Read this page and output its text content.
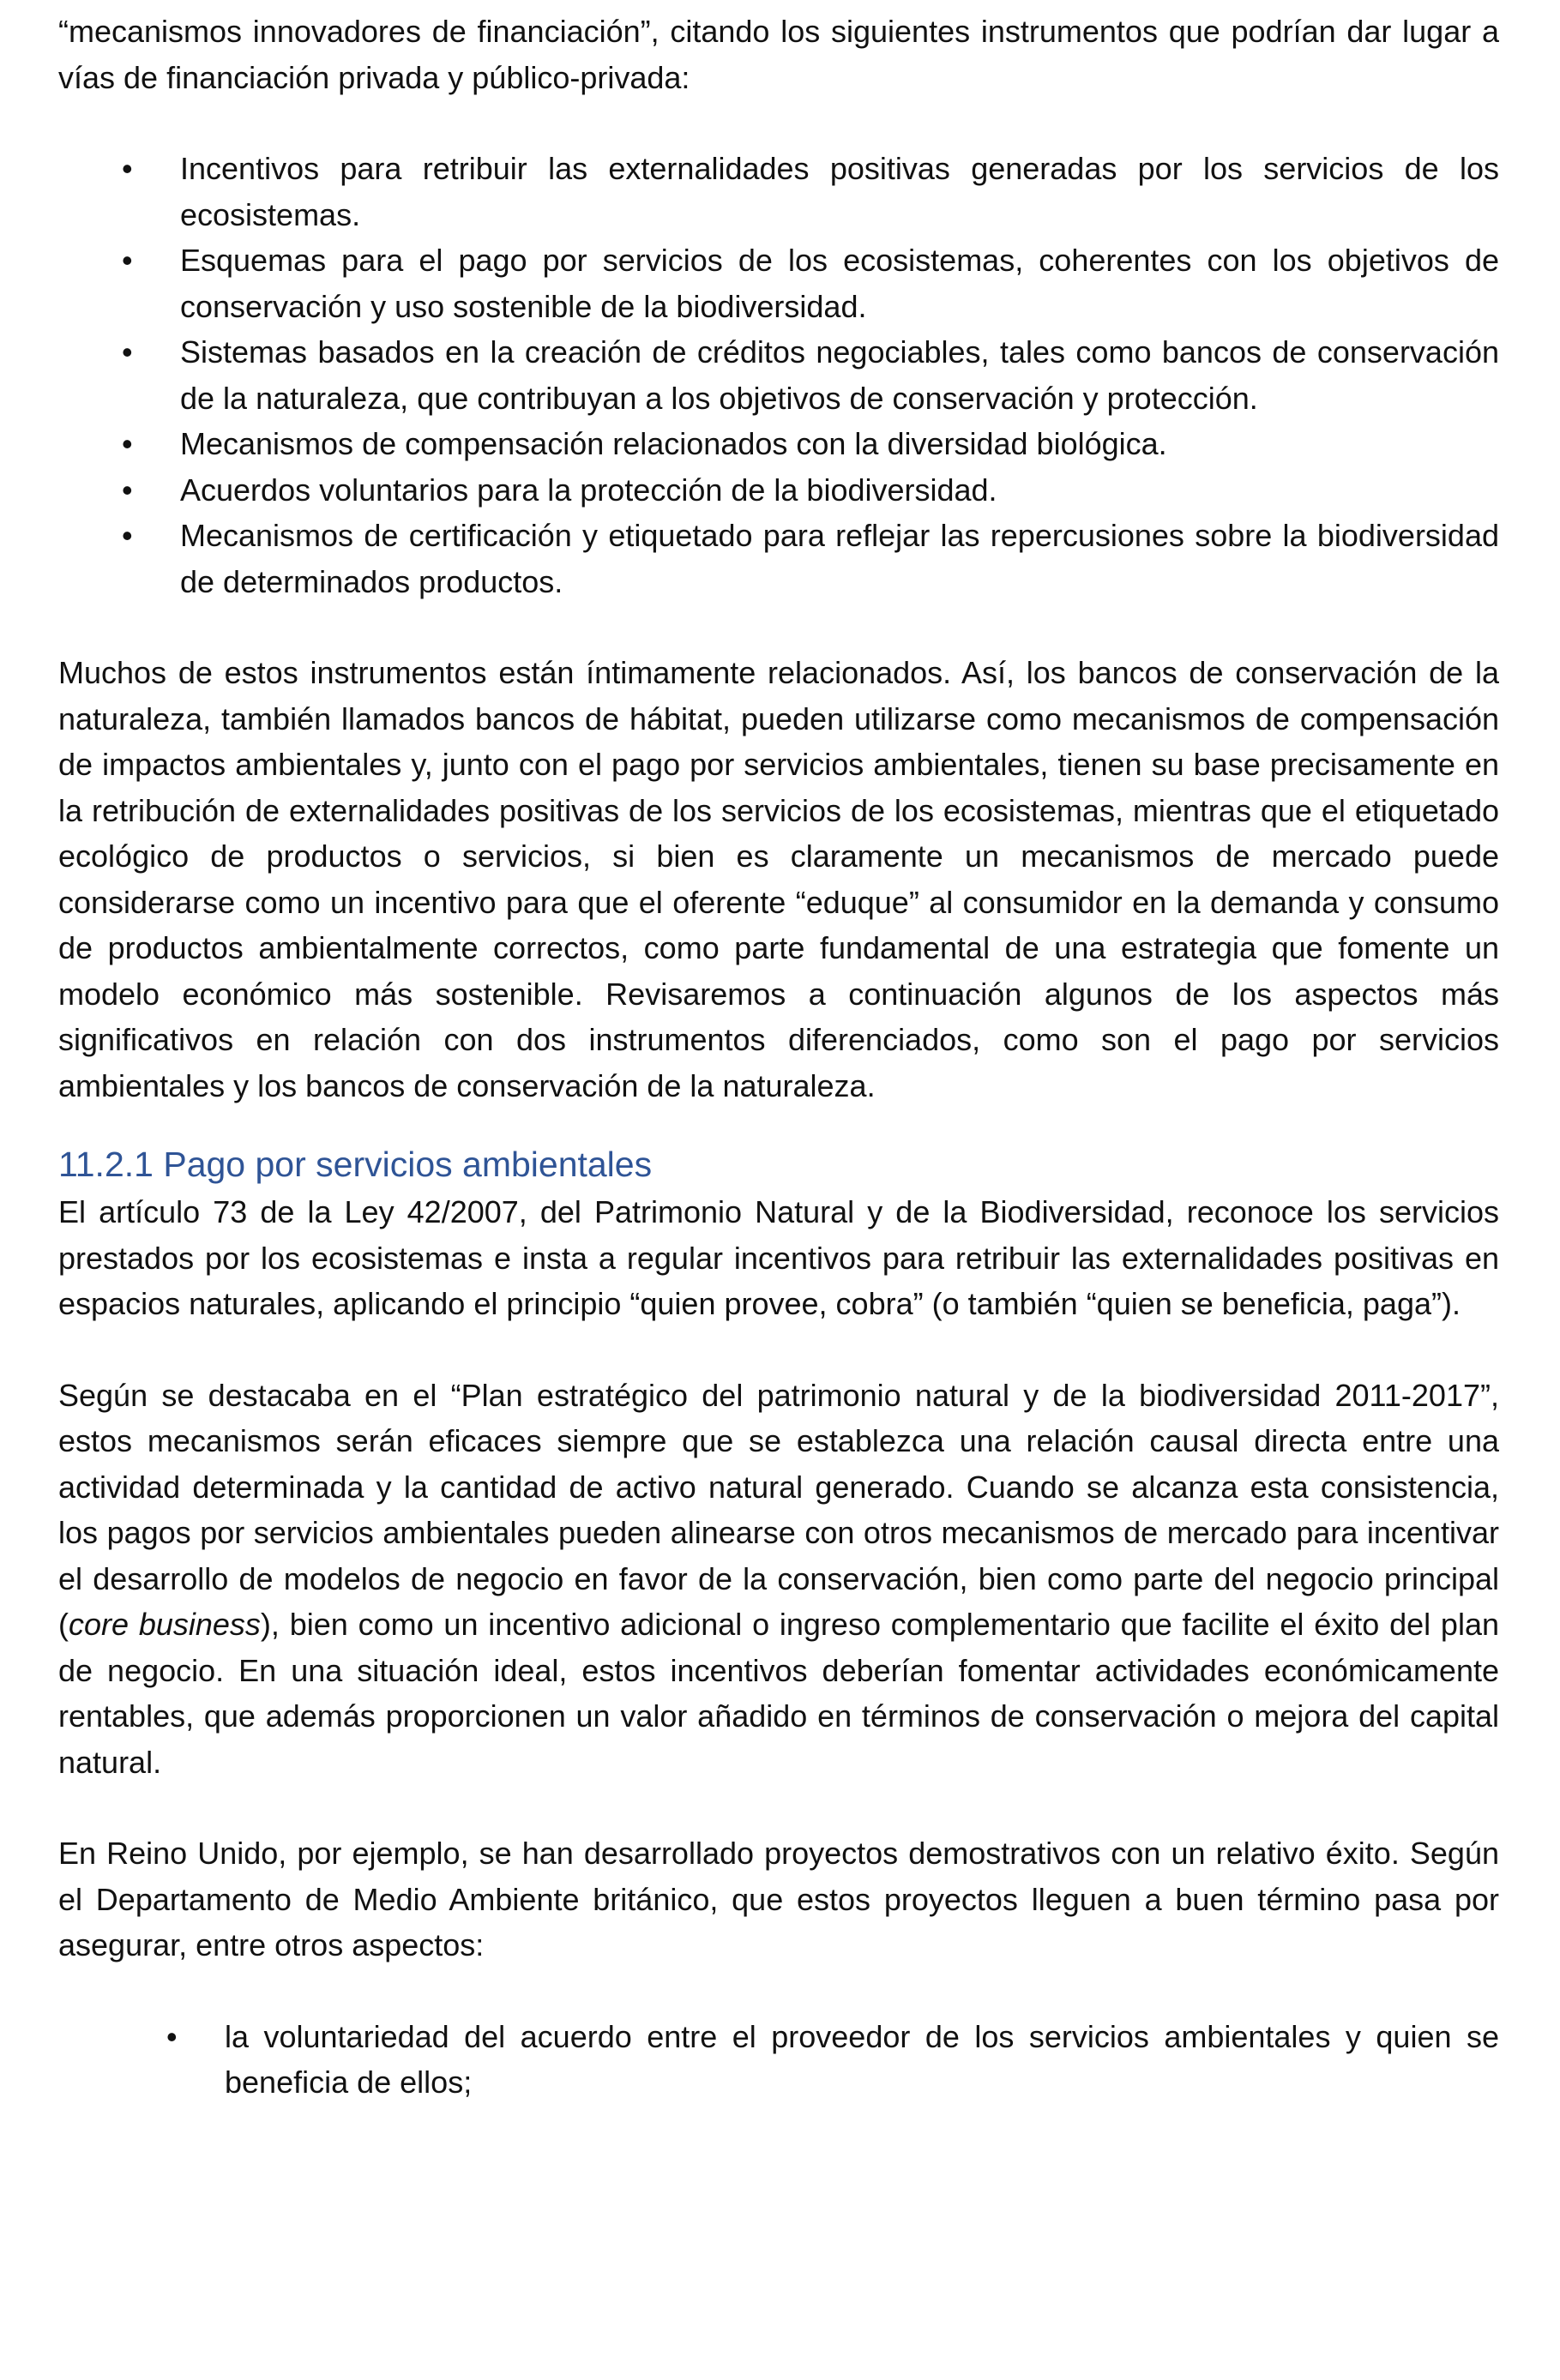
“mecanismos innovadores de financiación”, citando los siguientes instrumentos que podrían dar lugar a vías de financiación privada y público-privada:

•	Incentivos para retribuir las externalidades positivas generadas por los servicios de los ecosistemas.
•	Esquemas para el pago por servicios de los ecosistemas, coherentes con los objetivos de conservación y uso sostenible de la biodiversidad.
•	Sistemas basados en la creación de créditos negociables, tales como bancos de conservación de la naturaleza, que contribuyan a los objetivos de conservación y protección.
•	Mecanismos de compensación relacionados con la diversidad biológica.
•	Acuerdos voluntarios para la protección de la biodiversidad.
•	Mecanismos de certificación y etiquetado para reflejar las repercusiones sobre la biodiversidad de determinados productos.

Muchos de estos instrumentos están íntimamente relacionados. Así, los bancos de conservación de la naturaleza, también llamados bancos de hábitat, pueden utilizarse como mecanismos de compensación de impactos ambientales y, junto con el pago por servicios ambientales, tienen su base precisamente en la retribución de externalidades positivas de los servicios de los ecosistemas, mientras que el etiquetado ecológico de productos o servicios, si bien es claramente un mecanismos de mercado puede considerarse como un incentivo para que el oferente “eduque” al consumidor en la demanda y consumo de productos ambientalmente correctos, como parte fundamental de una estrategia que fomente un modelo económico más sostenible. Revisaremos a continuación algunos de los aspectos más significativos en relación con dos instrumentos diferenciados, como son el pago por servicios ambientales y los bancos de conservación de la naturaleza.

11.2.1 Pago por servicios ambientales

El artículo 73 de la Ley 42/2007, del Patrimonio Natural y de la Biodiversidad, reconoce los servicios prestados por los ecosistemas e insta a regular incentivos para retribuir las externalidades positivas en espacios naturales, aplicando el principio “quien provee, cobra” (o también “quien se beneficia, paga”).

Según se destacaba en el “Plan estratégico del patrimonio natural y de la biodiversidad 2011-2017”, estos mecanismos serán eficaces siempre que se establezca una relación causal directa entre una actividad determinada y la cantidad de activo natural generado. Cuando se alcanza esta consistencia, los pagos por servicios ambientales pueden alinearse con otros mecanismos de mercado para incentivar el desarrollo de modelos de negocio en favor de la conservación, bien como parte del negocio principal (core business), bien como un incentivo adicional o ingreso complementario que facilite el éxito del plan de negocio. En una situación ideal, estos incentivos deberían fomentar actividades económicamente rentables, que además proporcionen un valor añadido en términos de conservación o mejora del capital natural.

En Reino Unido, por ejemplo, se han desarrollado proyectos demostrativos con un relativo éxito. Según el Departamento de Medio Ambiente británico, que estos proyectos lleguen a buen término pasa por asegurar, entre otros aspectos:

•	la voluntariedad del acuerdo entre el proveedor de los servicios ambientales y quien se beneficia de ellos;
